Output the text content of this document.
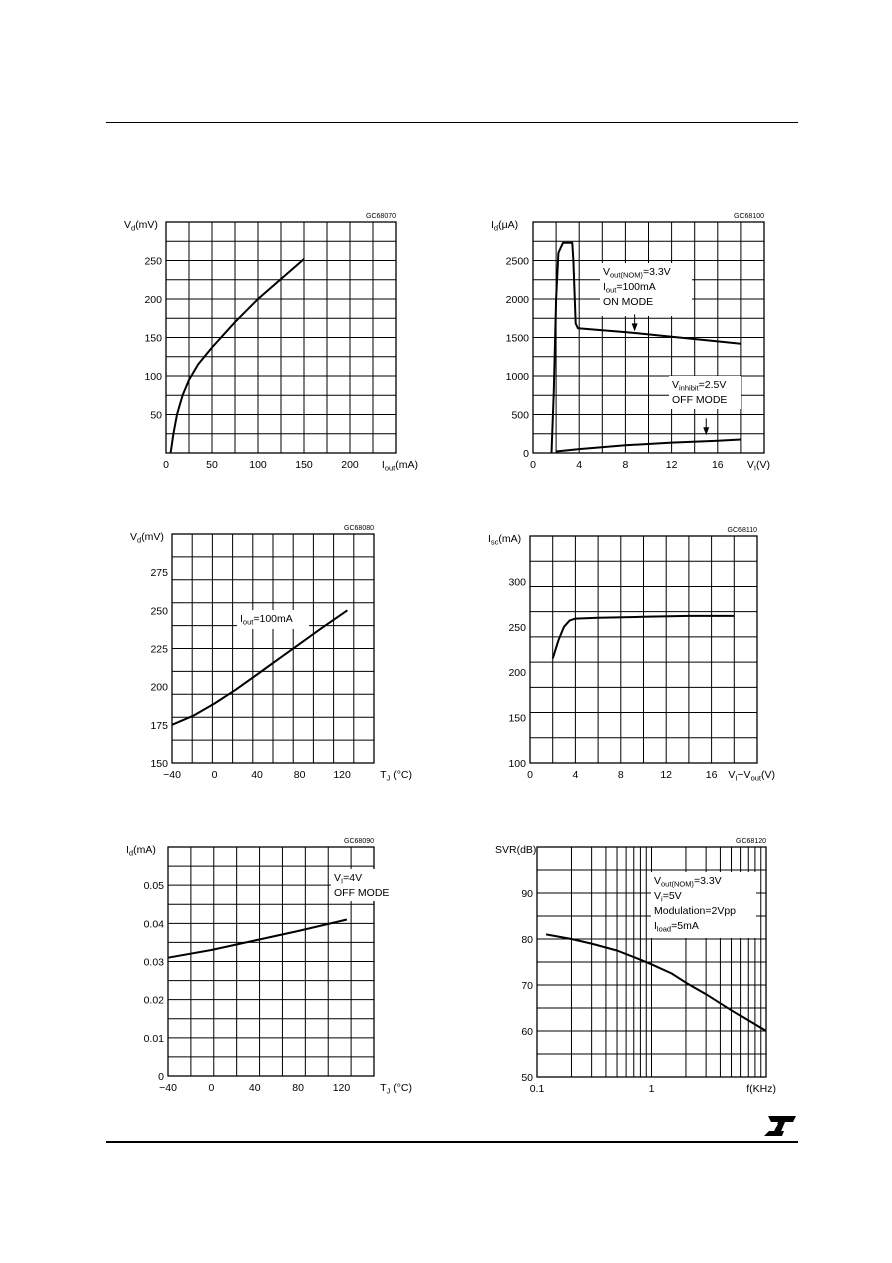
50
100
150
200
250
0	50	100	150	200
$V_d(mV)$
$I_{out}(mA)$
GC68070
0
500
1000
1500
2000
2500
0	4	8	12	16
$I_d(\mu A)$
$V_I(V)$
GC68100
$V_{out(NOM)}=3.3V$
$I_{out}=100mA$
ON MODE
$V_{inhibit}=2.5V$
OFF MODE
150
175
200
225
250
275
−40	0	40	80	120
$V_d(mV)$
$T_J$ (°C)
GC68080
$I_{out}=100mA$
100
150
200
250
300
0	4	8	12	16
$I_{sc}(mA)$
$V_I-V_{out}(V)$
GC68110
0
0.01
0.02
0.03
0.04
0.05
−40	0	40	80	120
$I_d(mA)$
$T_J$ (°C)
GC68090
$V_I=4V$
OFF MODE
50
60
70
80
90
0.1	1
SVR(dB)
f(KHz)
GC68120
$V_{out(NOM)}=3.3V$
$V_i=5V$
Modulation=2Vpp
$I_{load}=5mA$
ST
